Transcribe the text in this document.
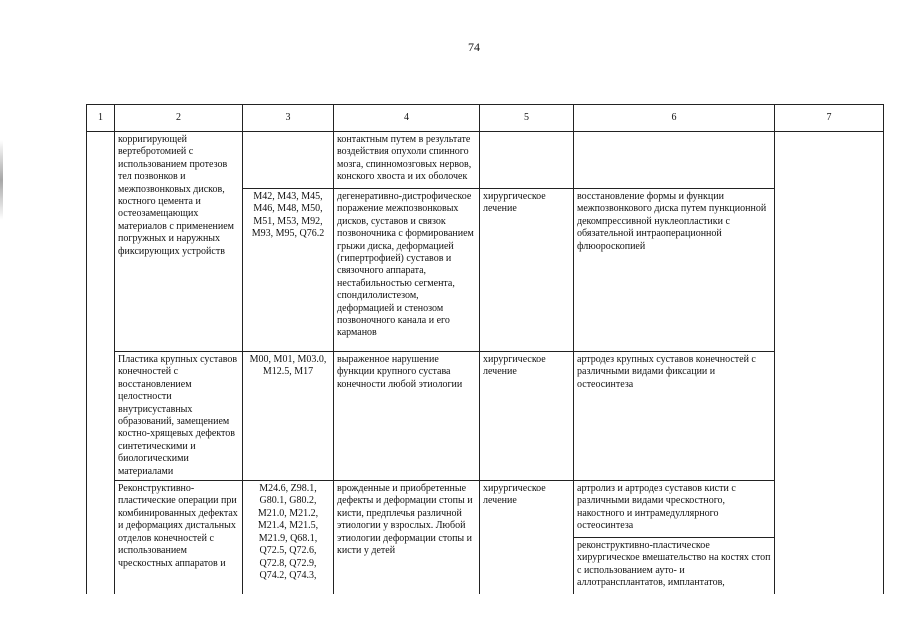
74
1	2	3	4	5	6	7
	корригирующей вертебротомией с использованием протезов тел позвонков и межпозвонковых дисков, костного цемента и остеозамещающих материалов с применением погружных и наружных фиксирующих устройств		контактным путем в результате воздействия опухоли спинного мозга, спинномозговых нервов, конского хвоста и их оболочек			
		M42, M43, M45, M46, M48, M50, M51, M53, M92, M93, M95, Q76.2	дегенеративно-дистрофическое поражение межпозвонковых дисков, суставов и связок позвоночника с формированием грыжи диска, деформацией (гипертрофией) суставов и связочного аппарата, нестабильностью сегмента, спондилолистезом, деформацией и стенозом позвоночного канала и его карманов	хирургическое лечение	восстановление формы и функции межпозвонкового диска путем пункционной декомпрессивной нуклеопластики с обязательной интраоперационной флюороскопией	
	Пластика крупных суставов конечностей с восстановлением целостности внутрисуставных образований, замещением костно-хрящевых дефектов синтетическими и биологическими материалами	M00, M01, M03.0, M12.5, M17	выраженное нарушение функции крупного сустава конечности любой этиологии	хирургическое лечение	артродез крупных суставов конечностей с различными видами фиксации и остеосинтеза	
	Реконструктивно-пластические операции при комбинированных дефектах и деформациях дистальных отделов конечностей с использованием чрескостных аппаратов и	M24.6, Z98.1, G80.1, G80.2, M21.0, M21.2, M21.4, M21.5, M21.9, Q68.1, Q72.5, Q72.6, Q72.8, Q72.9, Q74.2, Q74.3,	врожденные и приобретенные дефекты и деформации стопы и кисти, предплечья различной этиологии у взрослых. Любой этиологии деформации стопы и кисти у детей	хирургическое лечение	артролиз и артродез суставов кисти с различными видами чрескостного, накостного и интрамедуллярного остеосинтеза	
					реконструктивно-пластическое хирургическое вмешательство на костях стоп с использованием ауто- и аллотрансплантатов, имплантатов,	
